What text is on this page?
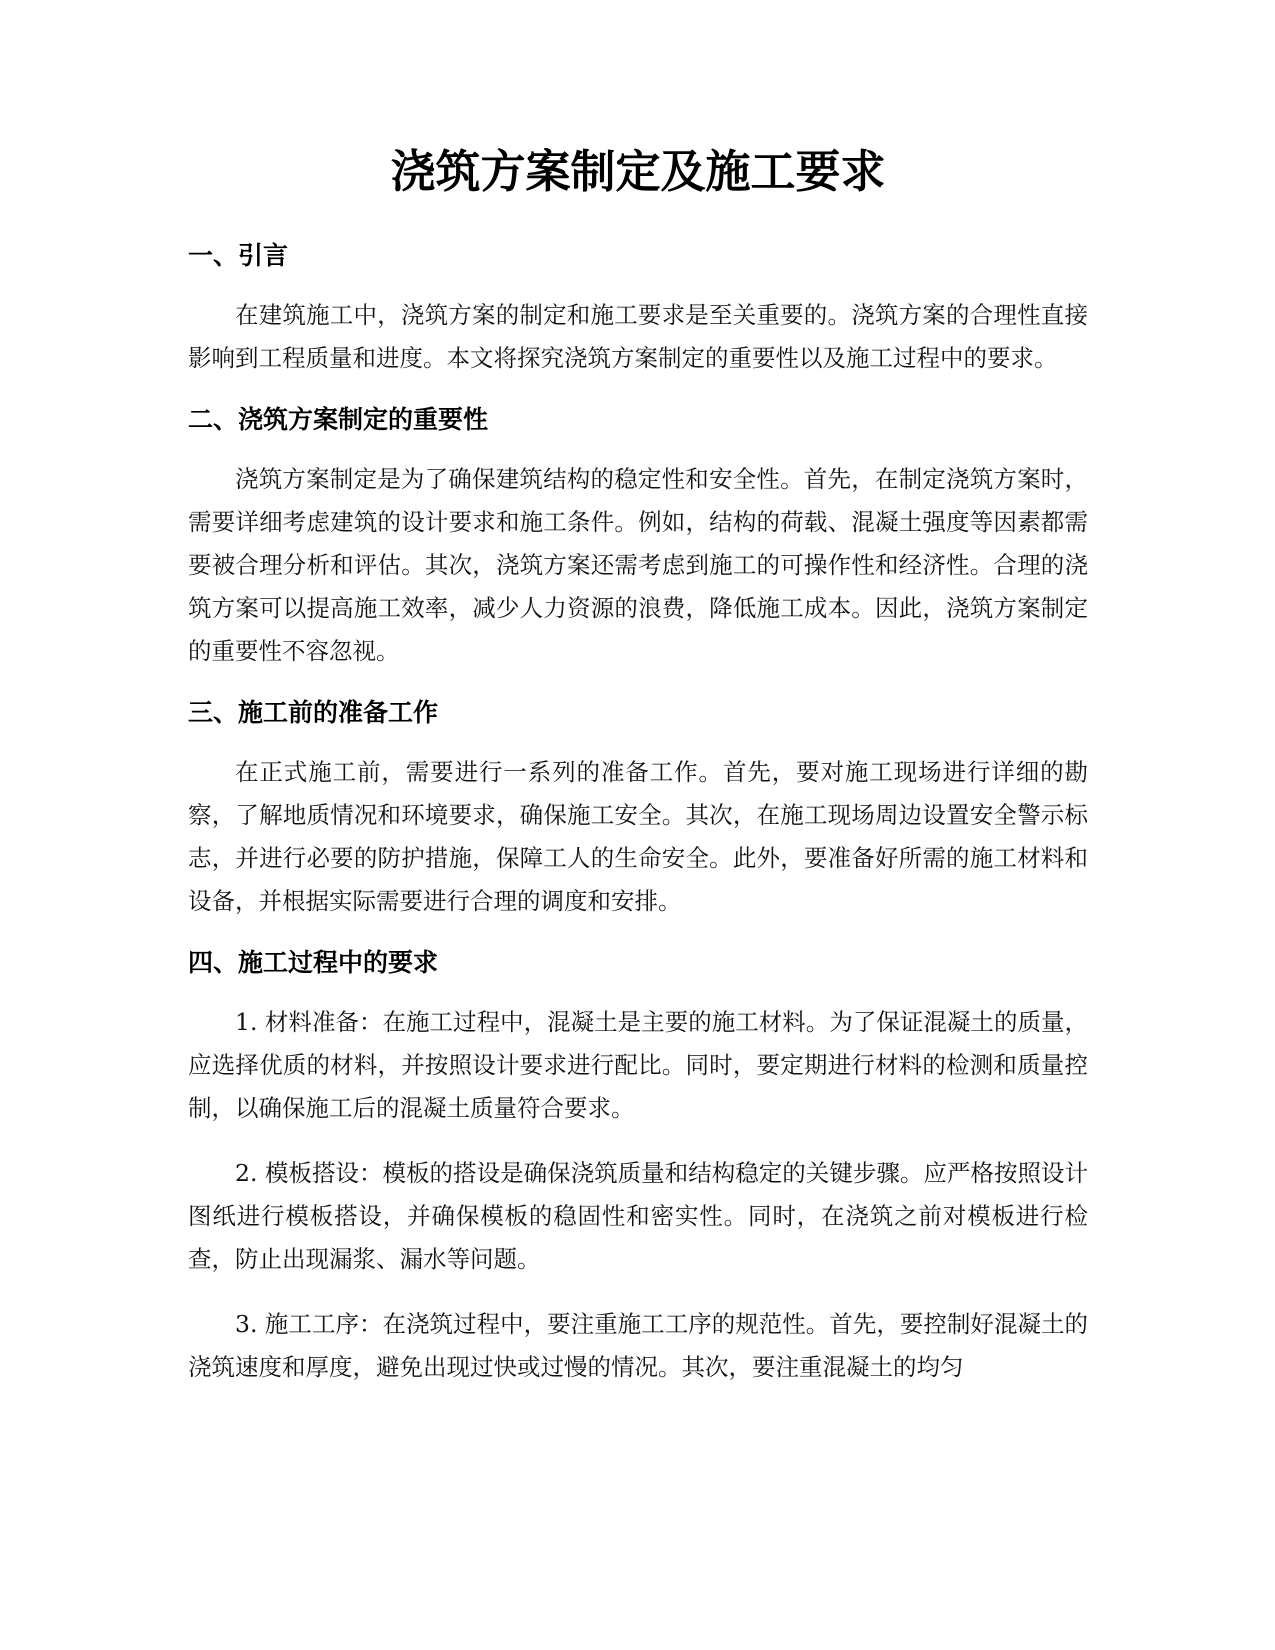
浇筑方案制定及施工要求
一、引言

在建筑施工中，浇筑方案的制定和施工要求是至关重要的。浇筑方案的合理性直接影响到工程质量和进度。本文将探究浇筑方案制定的重要性以及施工过程中的要求。

二、浇筑方案制定的重要性

浇筑方案制定是为了确保建筑结构的稳定性和安全性。首先，在制定浇筑方案时，需要详细考虑建筑的设计要求和施工条件。例如，结构的荷载、混凝土强度等因素都需要被合理分析和评估。其次，浇筑方案还需考虑到施工的可操作性和经济性。合理的浇筑方案可以提高施工效率，减少人力资源的浪费，降低施工成本。因此，浇筑方案制定的重要性不容忽视。

三、施工前的准备工作

在正式施工前，需要进行一系列的准备工作。首先，要对施工现场进行详细的勘察，了解地质情况和环境要求，确保施工安全。其次，在施工现场周边设置安全警示标志，并进行必要的防护措施，保障工人的生命安全。此外，要准备好所需的施工材料和设备，并根据实际需要进行合理的调度和安排。

四、施工过程中的要求

1. 材料准备：在施工过程中，混凝土是主要的施工材料。为了保证混凝土的质量，应选择优质的材料，并按照设计要求进行配比。同时，要定期进行材料的检测和质量控制，以确保施工后的混凝土质量符合要求。

2. 模板搭设：模板的搭设是确保浇筑质量和结构稳定的关键步骤。应严格按照设计图纸进行模板搭设，并确保模板的稳固性和密实性。同时，在浇筑之前对模板进行检查，防止出现漏浆、漏水等问题。

3. 施工工序：在浇筑过程中，要注重施工工序的规范性。首先，要控制好混凝土的浇筑速度和厚度，避免出现过快或过慢的情况。其次，要注重混凝土的均匀
